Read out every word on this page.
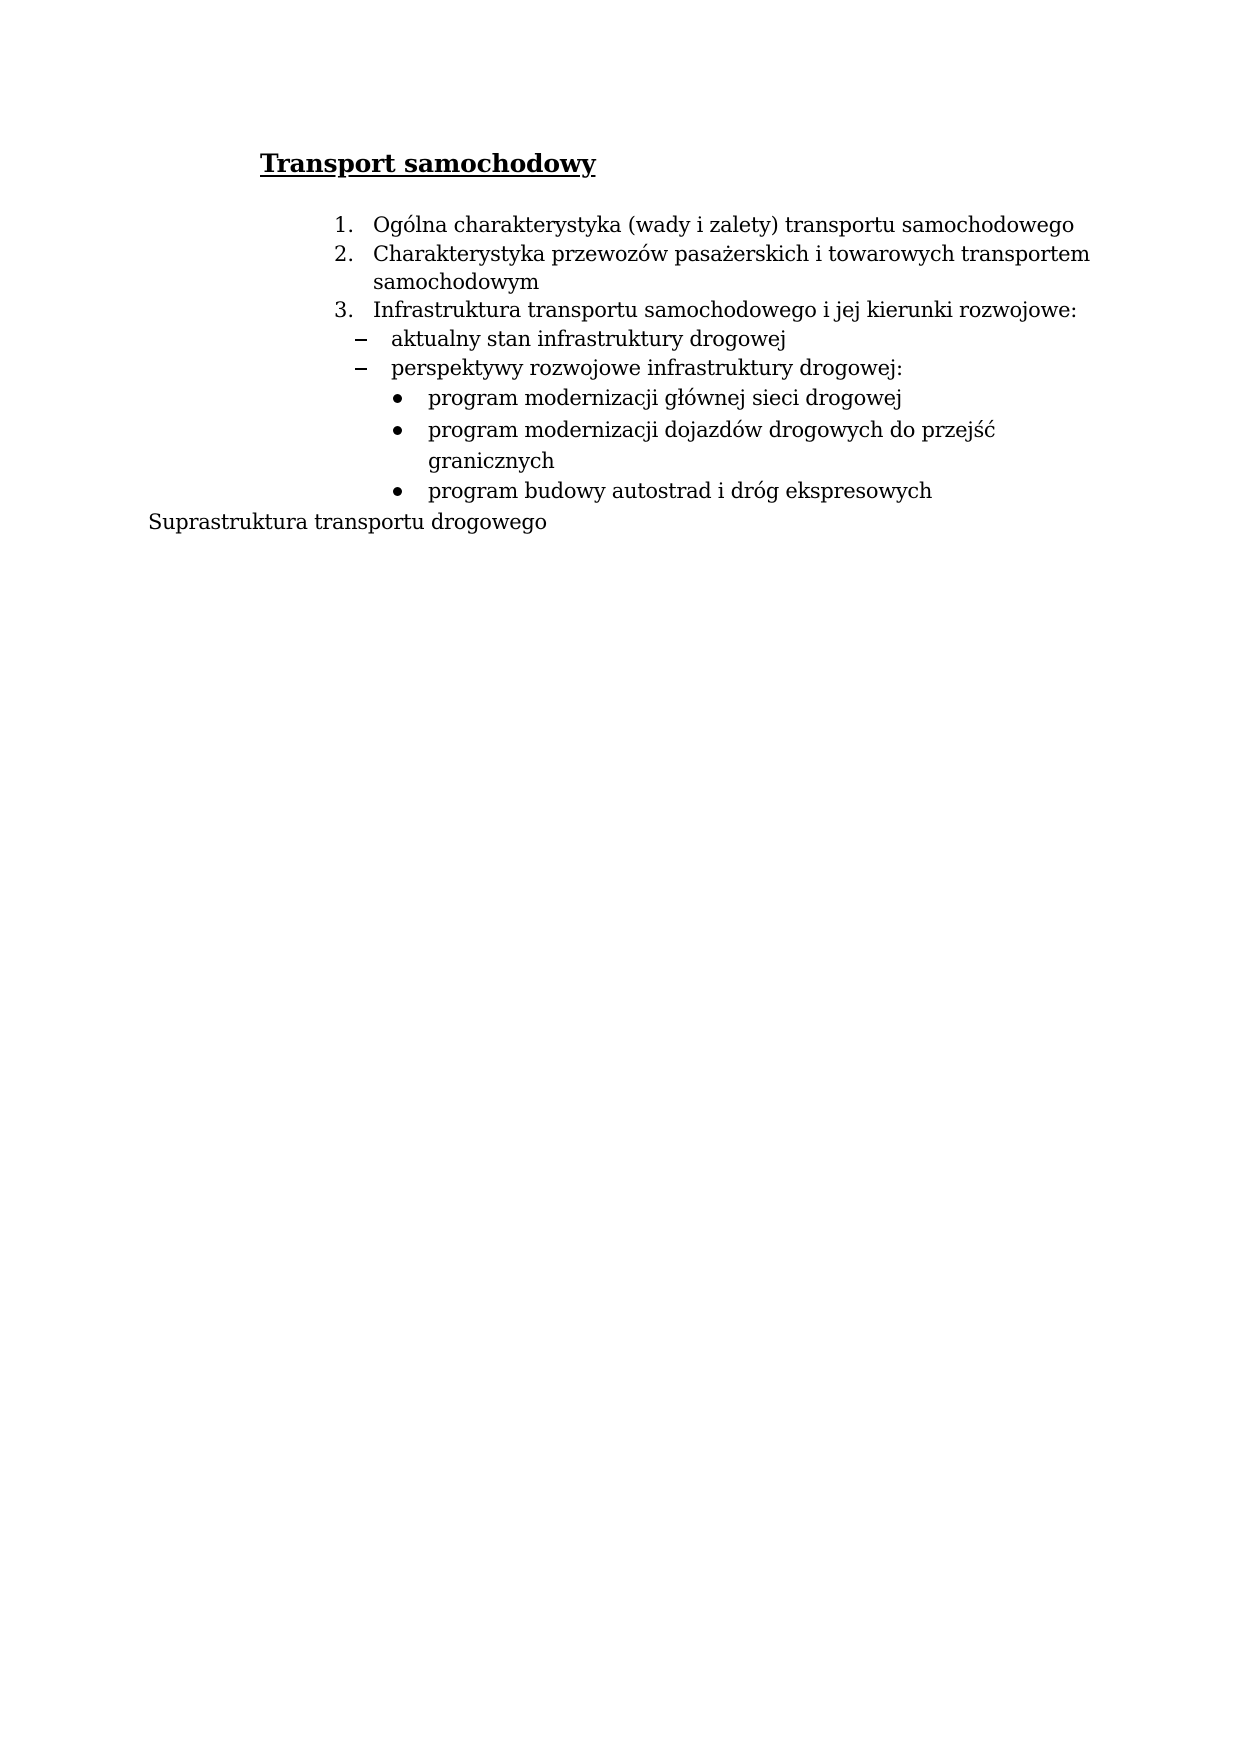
Transport samochodowy
1. Ogólna charakterystyka (wady i zalety) transportu samochodowego
2. Charakterystyka przewozów pasażerskich i towarowych transportem
samochodowym
3. Infrastruktura transportu samochodowego i jej kierunki rozwojowe:
aktualny stan infrastruktury drogowej
perspektywy rozwojowe infrastruktury drogowej:
program modernizacji głównej sieci drogowej
program modernizacji dojazdów drogowych do przejść
granicznych
program budowy autostrad i dróg ekspresowych
Suprastruktura transportu drogowego
